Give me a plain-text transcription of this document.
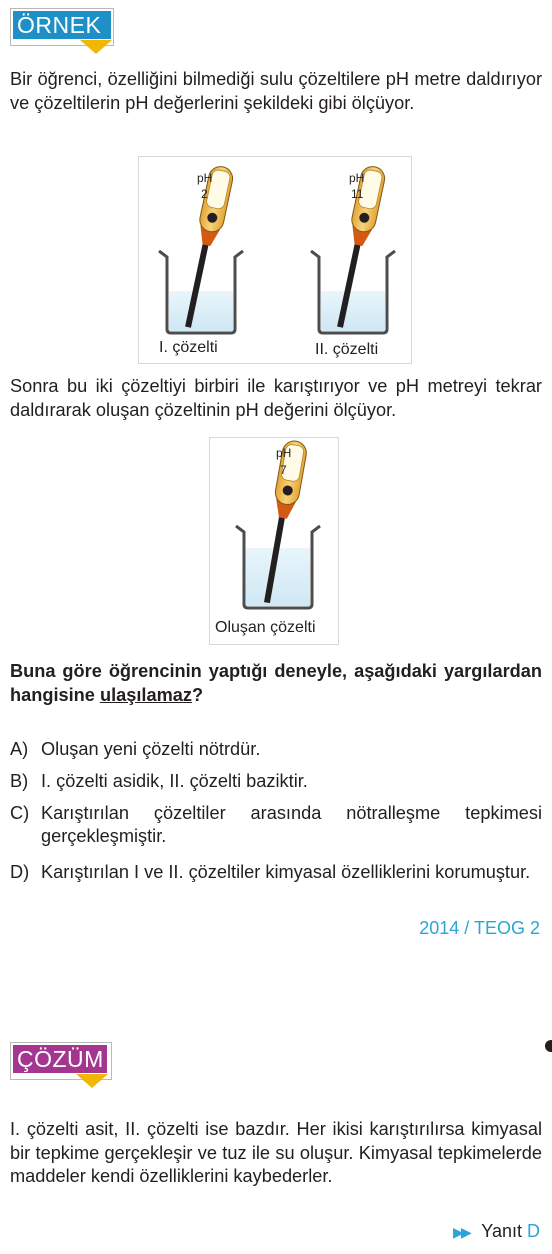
ÖRNEK
Bir öğrenci, özelliğini bilmediği sulu çözeltilere pH metre daldırıyor ve çözeltilerin pH değerlerini şekildeki gibi ölçüyor.
pH
2
pH
11
I. çözelti	II. çözelti
Sonra bu iki çözeltiyi birbiri ile karıştırıyor ve pH metreyi tekrar daldırarak oluşan çözeltinin pH değerini ölçüyor.
pH
7
Oluşan çözelti
Buna göre öğrencinin yaptığı deneyle, aşağıdaki yargılardan hangisine ulaşılamaz?
A) Oluşan yeni çözelti nötrdür.
B) I. çözelti asidik, II. çözelti baziktir.
C) Karıştırılan çözeltiler arasında nötralleşme tepkimesi gerçekleşmiştir.
D) Karıştırılan I ve II. çözeltiler kimyasal özelliklerini korumuştur.
2014 / TEOG 2
ÇÖZÜM
I. çözelti asit, II. çözelti ise bazdır. Her ikisi karıştırılırsa kimyasal bir tepkime gerçekleşir ve tuz ile su oluşur. Kimyasal tepkimelerde maddeler kendi özelliklerini kaybederler.
▶▶ Yanıt D
